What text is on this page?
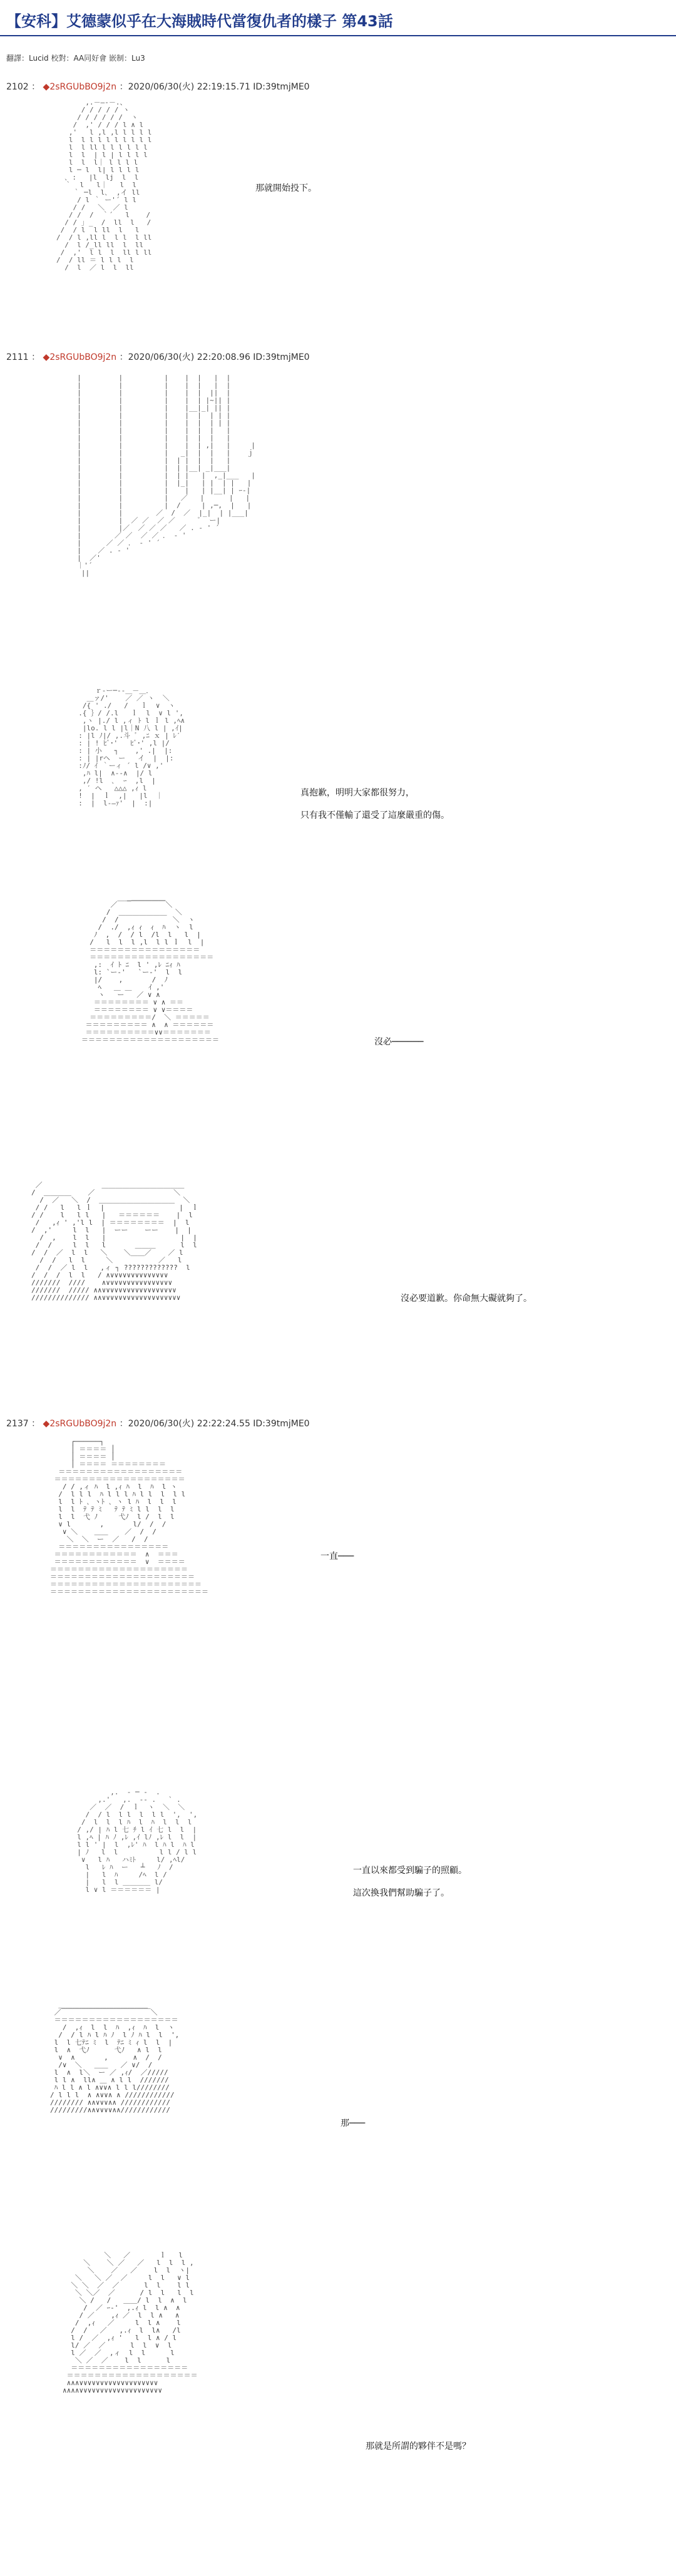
【安科】艾德蒙似乎在大海賊時代當復仇者的樣子 第43話
翻譯：Lucid 校對：AA同好會 嵌制：Lu3
2102 ： ◆2sRGUbBO9j2n ：2020/06/30(火) 22:19:15.71 ID:39tmjME0
,.－―‐－.、
/ / / / / ヽ
/ / / / / /  ヽ
/  ,' / / / l ∧ l
,'   l ,l ,l l l l l
l  l l l l l l l l l
l  l ll l l l l l l
l  l  | l | l l l l
l  l  l｜ l l l l
l ─ l  l| l l l l
､ :   |l  lj  l  l
｀  l   l｜   l  l
｀ ─l  l､  ,イ ll
/ l ｀ ー'´ l l
/ /   ＼  ／ l
/ /  /  ｀´   l    /
/ / ｣ _  /  ll  l   /
/  / l  l ll  l   l
/  / l ,ll l  l l  l ll
/  l /_ll ll  l  ll
/  ,'  l l  l  ll l ll
/  / ll ＝ l l l  l
/  l  ／ l  l  ll
那就開始投下。
2111 ： ◆2sRGUbBO9j2n ：2020/06/30(火) 22:20:08.96 ID:39tmjME0
|         |          |    |  |   |  |
|         |          |    |  |   |  |
|         |          |    |  |  ||  |
|         |          |    |  | |~|| |
|         |          |    |__|_| || |
|         |          |    |  |  | | |
|         |          |    |  |  | | |
|         |          |    |  |  |   |
|         |          |    |  |  |   |
|         |          |    |  | ,|   |     |
|         |          |   _|  |  |   |    ｊ
|         |          |  | |  |  |   |
|         |          |  | |__| _|___|
|         |          |  | |   |  ,_|___   |
|         |          |  |_|   | |  | |   |
|         |          |    |   | |__| | ｰ‐|
|         |          |   ／   |      |   |
|         |          |  /     | ,─,  |   |
|         |        ／  /  ／  |_|  | |___|
|         |  ／ ／  ／ ／      ﾟ  ー|
|         |／  ／ ／ ／   ／ . ‐ ' ´
|        ／ ／  ／ ／ ． ‐ '
|      ／ ／ ． ‐ ' ´
|    ／ . ‐ '
|  ／'
｜'´
||
ｒ‐ー─‐-＿－＿．
＿ァ/'    ／ ／ ヽ  ＼
/{ ' ./   /   ｌ  ∨  ヽ
.{ ｝/ /.l   ｌ  l  ∨ l ',
,ヽ |./ l ,ィ ﾄ l ｌ l ,ﾍ∧
|lo. l l |l｜N 八 l | ,ｲ|
: |l ﾉ|/ ,.斗 ﾞ ,ﾆ ｘ | ﾚ′
: | ! ﾋﾞ･'   ﾋﾞ･' ,l |/
: | 小   ┐    ,' .|  |:
: | |rヘ  ー   イ  |  |:
:ﾉ/ ｲ ｀ーィ ´ l /∨ ,'
,ﾊ l|  ∧‐‐∧  |/ l
,/ !l  ､  ｰ  ,l  |
, ′ ヘ   △△△ ,ｨ l
!  |  ｌ  ,|   |l  ｜
:  |  l‐―ｧ'  |  :|
真抱歉，明明大家都很努力，
只有我不僅輸了還受了這麼嚴重的傷。
_＿＿＿＿＿
／￣￣￣￣￣￣￣＼
/  ＿＿＿＿＿＿＿  ＼
/  /             ＼  ヽ
/  ./  ,ｨ ｨ  ｨ  ﾊ  ヽ  l
ﾉ  ,  /  / l  /l  l   l  |
/   l  l  l ,l  l l ｌ  l  |
＝＝＝＝＝＝＝＝＝＝＝＝＝＝＝＝
＝＝＝＝＝＝＝＝＝＝＝＝＝＝＝＝＝＝
,:  ｲ ﾄ ﾆ  l ' ,ﾚ ﾆｨ ﾊ
l: `ー-'   `ー-'  l  l
|/    ,       /  ﾉ
ﾍ   ＿ ＿    ｲ ,'
ヽ   ー   ／ ∨ ∧
＝＝＝＝＝＝＝＝ ∨ ∧ ＝＝
＝＝＝＝＝＝＝＝ ∨ ∨＝＝＝＝
＝＝＝＝＝＝＝＝＝/  ＼ ＝＝＝＝＝
＝＝＝＝＝＝＝＝＝ ∧  ∧ ＝＝＝＝＝＝
＝＝＝＝＝＝＝＝＝＝∨∨＝＝＝＝＝＝＝
＝＝＝＝＝＝＝＝＝＝＝＝＝＝＝＝＝＝＝＝	沒必──────
／￣￣￣￣￣      ＿＿＿＿＿＿＿＿＿＿＿＿
/  ＿＿＿＿    ／                   ＼
/  ／   ＼  /  ＿＿＿＿＿＿＿＿＿＿＿  ＼
/ /   l   l ｌ  |                  |  ｌ
/ /    l   l l   |   ＝＝＝＝＝＝    |  l
/   ,ｨ ' ,'l l  | ＝＝＝＝＝＝＝＝  |  l
/  ,'     l  l   |  ーー    ーー    |  |
/  ,    l  l   |                  |  |
/  /     l  l   l       ＿＿＿      l  l
/  /  ／  l  l   ＼    ＼＿＿／    ／ l
/  /   l  l     ＼           ／   l
/  /  ／ l  l   ,ィ ┐ ?????????????  l
/  /  /  l  l   / ∧∨∨∨∨∨∨∨∨∨∨∨∨∨∨
///////  ////    ∧∨∨∨∨∨∨∨∨∨∨∨∨∨∨∨∨
///////  ///// ∧∧∨∨∨∨∨∨∨∨∨∨∨∨∨∨∨∨∨∨
////////////// ∧∧∨∨∨∨∨∨∨∨∨∨∨∨∨∨∨∨∨∨∨	沒必要道歉。你命無大礙就夠了。
2137 ： ◆2sRGUbBO9j2n ：2020/06/30(火) 22:22:24.55 ID:39tmjME0
┌──────┐
│ ＝＝＝＝ │
│ ＝＝＝＝ │
│ ＝＝＝＝ ＝＝＝＝＝＝＝＝
＝＝＝＝＝＝＝＝＝＝＝＝＝＝＝＝＝＝
＝＝＝＝＝＝＝＝＝＝＝＝＝＝＝＝＝＝＝
/ / ,ィ ﾊ  l ,ｨ ﾊ  l  ﾊ  l ヽ
/  l l l  ﾊ l l l ﾊ l l  l  l l
l  l ﾄ ､ ヽﾄ ､ ヽ l ﾊ  l  l  l
l  l  ﾃ ﾃ ﾐ   ﾃ ﾃ ﾐ l l  l  l
l  l  弋 ﾉ     弋ﾉ  l /  l  l
∨ l       ,       l/  /  /
∨ ＼    ＿＿    ／  /  /
＼  ＼  ー  ／   /  /
＝＝＝＝＝＝＝＝＝＝＝＝＝＝＝＝
＝＝＝＝＝＝＝＝＝＝＝＝  ∧  ＝＝＝
＝＝＝＝＝＝＝＝＝＝＝＝  ∨  ＝＝＝＝
＝＝＝＝＝＝＝＝＝＝＝＝＝＝＝＝＝＝＝＝
＝＝＝＝＝＝＝＝＝＝＝＝＝＝＝＝＝＝＝＝＝
＝＝＝＝＝＝＝＝＝＝＝＝＝＝＝＝＝＝＝＝＝＝
＝＝＝＝＝＝＝＝＝＝＝＝＝＝＝＝＝＝＝＝＝＝＝
一直───
,.  ‐ ─ ‐  .
,.'   ,.  ‐‐ .   ` .
／  ／  /  ｌ  ヽ  ＼  ＼
/  / l  l l  l  l l  ',  ',
/  l  l  l ﾊ  l  ﾊ  l  l  l
/ ,/ | ﾊ l 七 ﾁ l ｲ 七 l  l  |
l ,ﾍ | ﾊ ﾉ ,ﾚ ,ｲ lﾉ ,ﾚ l  l  |
l l ' |  l  ,ﾚ' ﾊ  l ﾊ l  ﾊ l
| ﾉ   l  l          l l / l l
∨   l ﾊ   ハﾐﾄ     l/ ,ﾍl/
l   ﾚ ﾊ  ー   ┴   ﾉ  /
|   l  ﾊ     /ﾍ  l /
|   l  l ＿＿＿＿ l/
l ∨ l ＝＝＝＝＝＝ |
一直以來都受到騙子的照顧。
這次換我們幫助騙子了。
＿＿＿＿＿＿＿＿＿＿＿＿＿
／￣￣￣￣￣￣￣￣￣￣￣￣￣＼
＝＝＝＝＝＝＝＝＝＝＝＝＝＝＝＝＝＝
/  ,ｨ  l  l  ﾊ  ,ｨ  ﾊ  l  ヽ
/  / l ﾊ l ﾊ ﾉ  l ﾉ ﾊ l  l  ',
l  l 七ﾃﾆ ﾐ  l  ﾃﾆ ﾐ ｨ l  l  |
l  ∧  弋ﾉ      弋ﾉ   ∧ l  l
∨  ∧       ,      ∧  /  /
/∨  ＼   ＿＿   ／ ∨/  /
l  ∧  l＼  ー ／ ,ｨ/  ／/////
l l ∧  ll∧ ＿ ∧ l l  ///////
ﾊ l l ∧ l ∧∨∨∧ l l l////////
/ l l l  ∧ ∧∨∨∧ ∧ ////////////
//////// ∧∧∨∨∨∧∧ ////////////
/////////∧∧∨∨∨∨∧∧////////////
那───
＼   ／       ｌ   l
＼    ＼ ／   ／   l  l  l ,
＼    ／   ／    l  l  ヽ|
＼   ＼ ／  ／     l  l   ∨ l
＼ ＼  ／  ／      l  l    l l
＼ ＼／  ／      / l  l   l  l
＼ /   /   ＿＿/ l  l  ∧  l
/  ／ ｰ‐'  ,.ｨ l  l ∧  ∧
/ ／    ,ｨ ／  l  l ∧   ∧
/  ,ｨ   ／     l  l ∧    l
/  /   ／   ,.ｨ  l  l∧   /l
l /  ／  ,ｨ '   l  l ∧ / l
l/ ／  ／      l  l  ∨  l
l ／  ／  ,ィ  l  l      l
＼ ／  ／    l  l      l
＝＝＝＝＝＝＝＝＝＝＝＝＝＝＝＝＝
＝＝＝＝＝＝＝＝＝＝＝＝＝＝＝＝＝＝＝
∧∧∧∨∨∨∨∨∨∨∨∨∨∨∨∨∨∨∨∨∨∨
∧∧∧∧∨∨∨∨∨∨∨∨∨∨∨∨∨∨∨∨∨∨∨∨
那就是所謂的夥伴不是嗎？
